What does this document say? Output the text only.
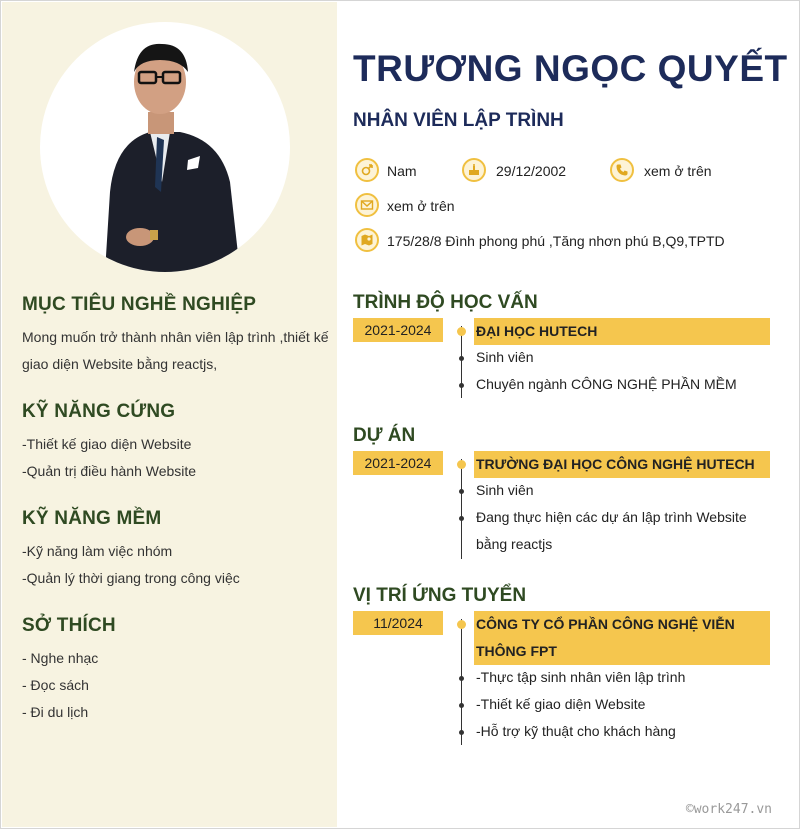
MỤC TIÊU NGHỀ NGHIỆP
Mong muốn trở thành nhân viên lập trình ,thiết kế
giao diện Website bằng reactjs,
KỸ NĂNG CỨNG
-Thiết kế giao diện Website
-Quản trị điều hành Website
KỸ NĂNG MỀM
-Kỹ năng làm việc nhóm
-Quản lý thời giang trong công việc
SỞ THÍCH
- Nghe nhạc
- Đọc sách
- Đi du lịch
TRƯƠNG NGỌC QUYẾT
NHÂN VIÊN LẬP TRÌNH
Nam	29/12/2002	xem ở trên
xem ở trên
175/28/8 Đình phong phú ,Tăng nhơn phú B,Q9,TPTD
TRÌNH ĐỘ HỌC VẤN
2021-2024	ĐẠI HỌC HUTECH
Sinh viên
Chuyên ngành CÔNG NGHỆ PHẦN MỀM
DỰ ÁN
2021-2024	TRƯỜNG ĐẠI HỌC CÔNG NGHỆ HUTECH
Sinh viên
Đang thực hiện các dự án lập trình Website bằng reactjs
VỊ TRÍ ỨNG TUYỂN
11/2024	CÔNG TY CỔ PHẦN CÔNG NGHỆ VIỄN THÔNG FPT
-Thực tập sinh nhân viên lập trình
-Thiết kế giao diện Website
-Hỗ trợ kỹ thuật cho khách hàng
©work247.vn
